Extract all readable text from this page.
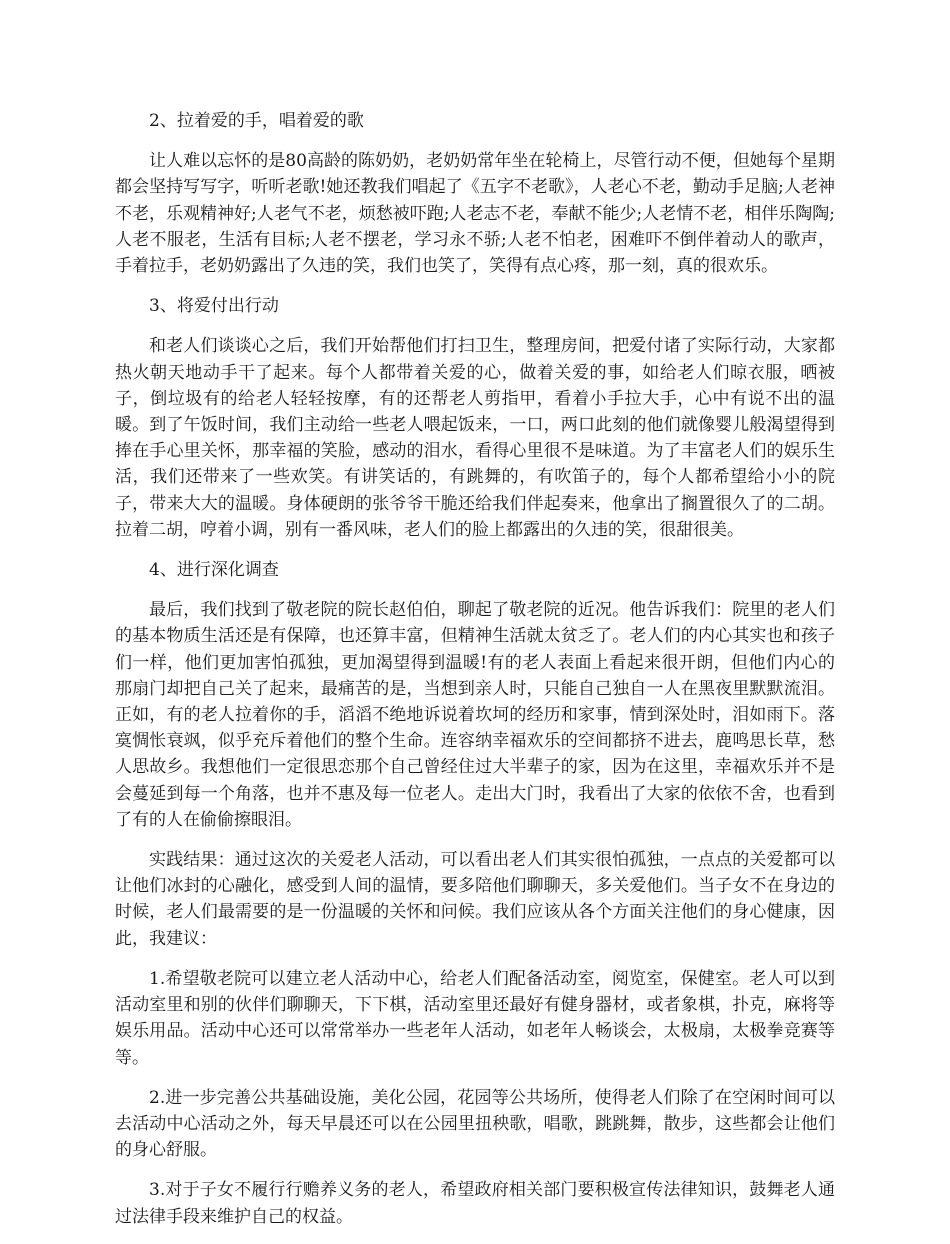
2、拉着爱的手，唱着爱的歌

让人难以忘怀的是80高龄的陈奶奶，老奶奶常年坐在轮椅上，尽管行动不便，但她每个星期都会坚持写写字，听听老歌!她还教我们唱起了《五字不老歌》，人老心不老，勤动手足脑;人老神不老，乐观精神好;人老气不老，烦愁被吓跑;人老志不老，奉献不能少;人老情不老，相伴乐陶陶;人老不服老，生活有目标;人老不摆老，学习永不骄;人老不怕老，困难吓不倒伴着动人的歌声，手着拉手，老奶奶露出了久违的笑，我们也笑了，笑得有点心疼，那一刻，真的很欢乐。

3、将爱付出行动

和老人们谈谈心之后，我们开始帮他们打扫卫生，整理房间，把爱付诸了实际行动，大家都热火朝天地动手干了起来。每个人都带着关爱的心，做着关爱的事，如给老人们晾衣服，晒被子，倒垃圾有的给老人轻轻按摩，有的还帮老人剪指甲，看着小手拉大手，心中有说不出的温暖。到了午饭时间，我们主动给一些老人喂起饭来，一口，两口此刻的他们就像婴儿般渴望得到捧在手心里关怀，那幸福的笑脸，感动的泪水，看得心里很不是味道。为了丰富老人们的娱乐生活，我们还带来了一些欢笑。有讲笑话的，有跳舞的，有吹笛子的，每个人都希望给小小的院子，带来大大的温暖。身体硬朗的张爷爷干脆还给我们伴起奏来，他拿出了搁置很久了的二胡。拉着二胡，哼着小调，别有一番风味，老人们的脸上都露出的久违的笑，很甜很美。

4、进行深化调查

最后，我们找到了敬老院的院长赵伯伯，聊起了敬老院的近况。他告诉我们：院里的老人们的基本物质生活还是有保障，也还算丰富，但精神生活就太贫乏了。老人们的内心其实也和孩子们一样，他们更加害怕孤独，更加渴望得到温暖!有的老人表面上看起来很开朗，但他们内心的那扇门却把自己关了起来，最痛苦的是，当想到亲人时，只能自己独自一人在黑夜里默默流泪。正如，有的老人拉着你的手，滔滔不绝地诉说着坎坷的经历和家事，情到深处时，泪如雨下。落寞惆怅衰飒，似乎充斥着他们的整个生命。连容纳幸福欢乐的空间都挤不进去，鹿鸣思长草，愁人思故乡。我想他们一定很思恋那个自己曾经住过大半辈子的家，因为在这里，幸福欢乐并不是会蔓延到每一个角落，也并不惠及每一位老人。走出大门时，我看出了大家的依依不舍，也看到了有的人在偷偷擦眼泪。

实践结果：通过这次的关爱老人活动，可以看出老人们其实很怕孤独，一点点的关爱都可以让他们冰封的心融化，感受到人间的温情，要多陪他们聊聊天，多关爱他们。当子女不在身边的时候，老人们最需要的是一份温暖的关怀和问候。我们应该从各个方面关注他们的身心健康，因此，我建议：

1.希望敬老院可以建立老人活动中心，给老人们配备活动室，阅览室，保健室。老人可以到活动室里和别的伙伴们聊聊天，下下棋，活动室里还最好有健身器材，或者象棋，扑克，麻将等娱乐用品。活动中心还可以常常举办一些老年人活动，如老年人畅谈会，太极扇，太极拳竞赛等等。

2.进一步完善公共基础设施，美化公园，花园等公共场所，使得老人们除了在空闲时间可以去活动中心活动之外，每天早晨还可以在公园里扭秧歌，唱歌，跳跳舞，散步，这些都会让他们的身心舒服。

3.对于子女不履行行赡养义务的老人，希望政府相关部门要积极宣传法律知识，鼓舞老人通过法律手段来维护自己的权益。
